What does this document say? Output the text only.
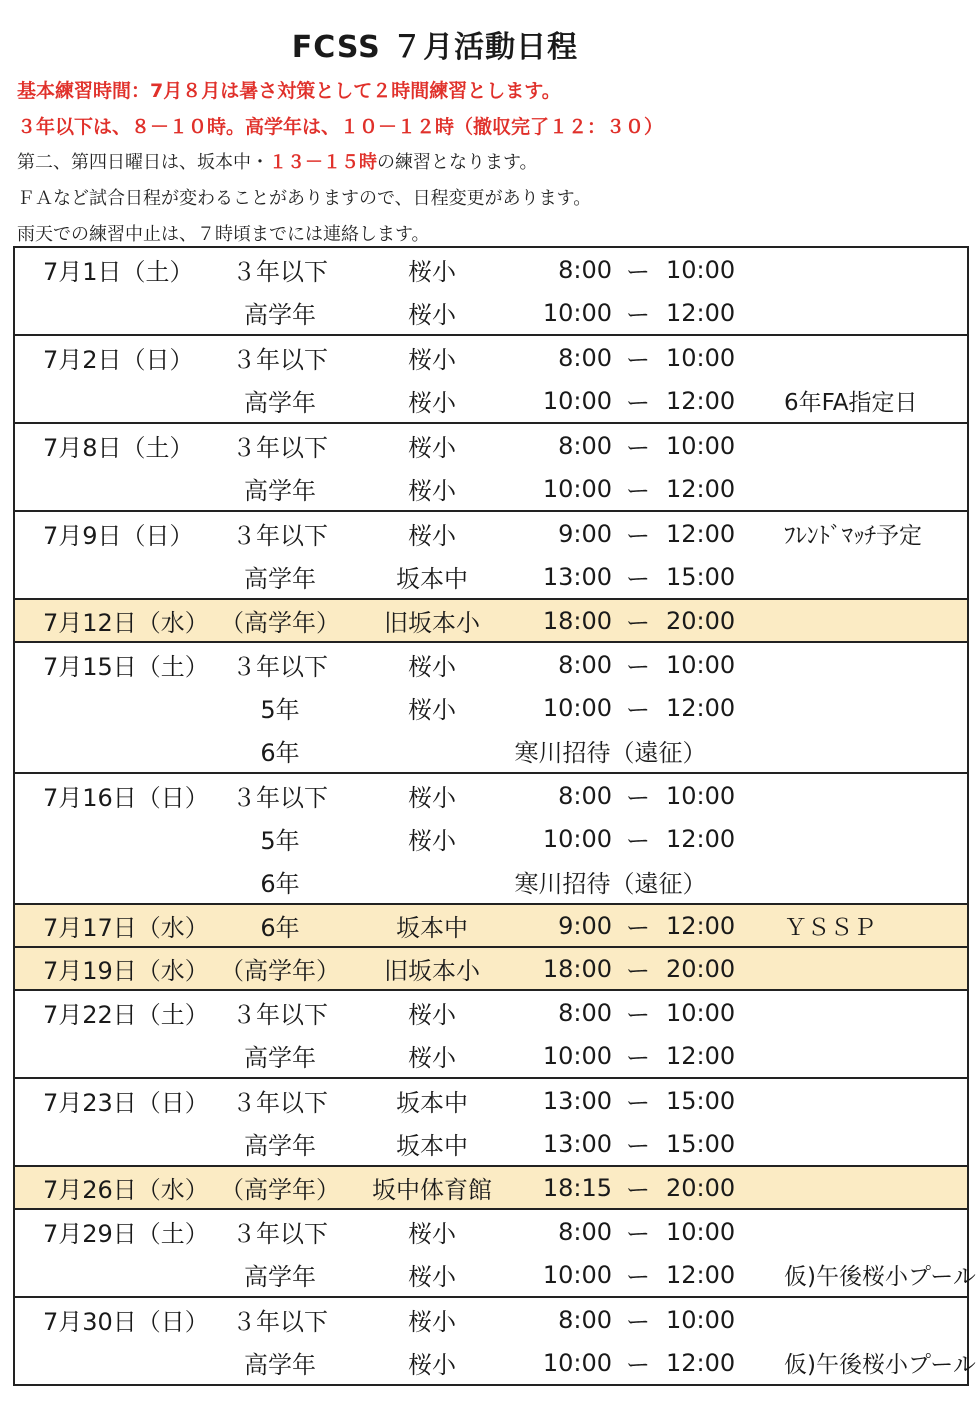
FCSS ７月活動日程
基本練習時間：7月８月は暑さ対策として２時間練習とします。
３年以下は、８－１０時。高学年は、１０－１２時（撤収完了１２：３０）
第二、第四日曜日は、坂本中・１３－１５時の練習となります。
ＦＡなど試合日程が変わることがありますので、日程変更があります。
雨天での練習中止は、７時頃までには連絡します。
7月1日（土）	３年以下	桜小	8:00	ー	10:00	
	高学年	桜小	10:00	ー	12:00	
7月2日（日）	３年以下	桜小	8:00	ー	10:00	
	高学年	桜小	10:00	ー	12:00	6年FA指定日
7月8日（土）	３年以下	桜小	8:00	ー	10:00	
	高学年	桜小	10:00	ー	12:00	
7月9日（日）	３年以下	桜小	9:00	ー	12:00	ﾌﾚﾝﾄﾞﾏｯﾁ予定
	高学年	坂本中	13:00	ー	15:00	
7月12日（水）	（高学年）	旧坂本小	18:00	ー	20:00	
7月15日（土）	３年以下	桜小	8:00	ー	10:00	
	5年	桜小	10:00	ー	12:00	
	6年	寒川招待（遠征）				
7月16日（日）	３年以下	桜小	8:00	ー	10:00	
	5年	桜小	10:00	ー	12:00	
	6年	寒川招待（遠征）				
7月17日（水）	6年	坂本中	9:00	ー	12:00	ＹＳＳＰ
7月19日（水）	（高学年）	旧坂本小	18:00	ー	20:00	
7月22日（土）	３年以下	桜小	8:00	ー	10:00	
	高学年	桜小	10:00	ー	12:00	
7月23日（日）	３年以下	坂本中	13:00	ー	15:00	
	高学年	坂本中	13:00	ー	15:00	
7月26日（水）	（高学年）	坂中体育館	18:15	ー	20:00	
7月29日（土）	３年以下	桜小	8:00	ー	10:00	
	高学年	桜小	10:00	ー	12:00	仮)午後桜小プール
7月30日（日）	３年以下	桜小	8:00	ー	10:00	
	高学年	桜小	10:00	ー	12:00	仮)午後桜小プール
